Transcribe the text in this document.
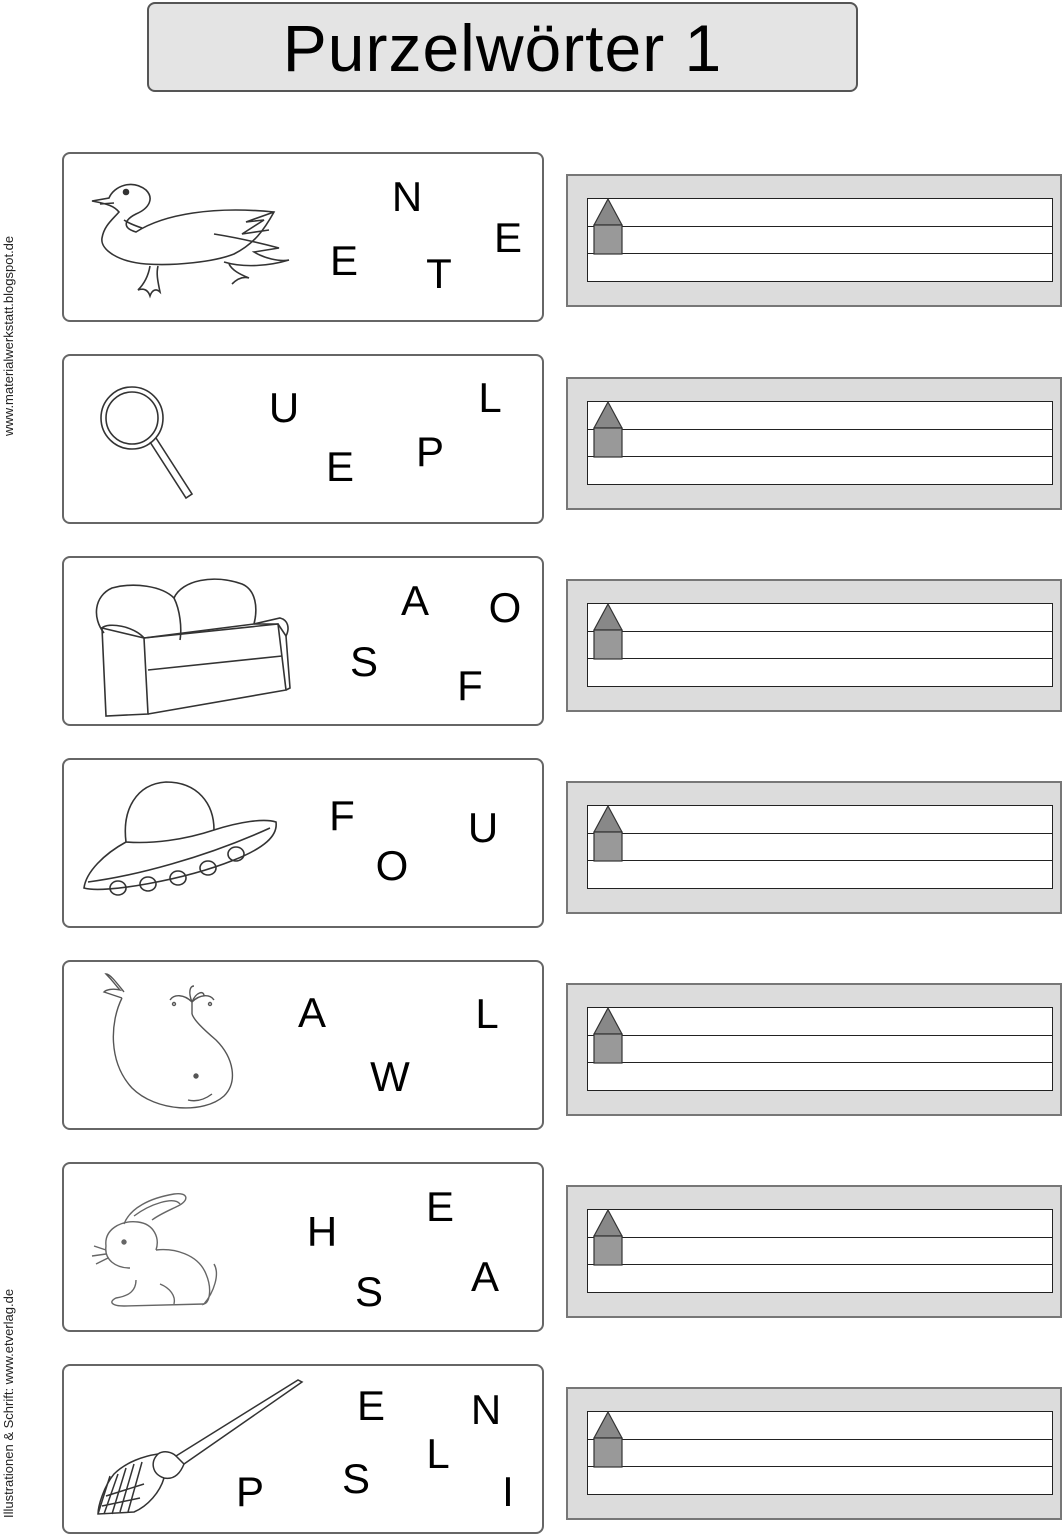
Purzelwörter 1
www.materialwerkstatt.blogspot.de
Illustrationen & Schrift: www.etverlag.de
N
E
E T
U	L
P
E
A O
S
F
F	U
O
A	L
W
H
E
A
S
E N
L
S
P	I
